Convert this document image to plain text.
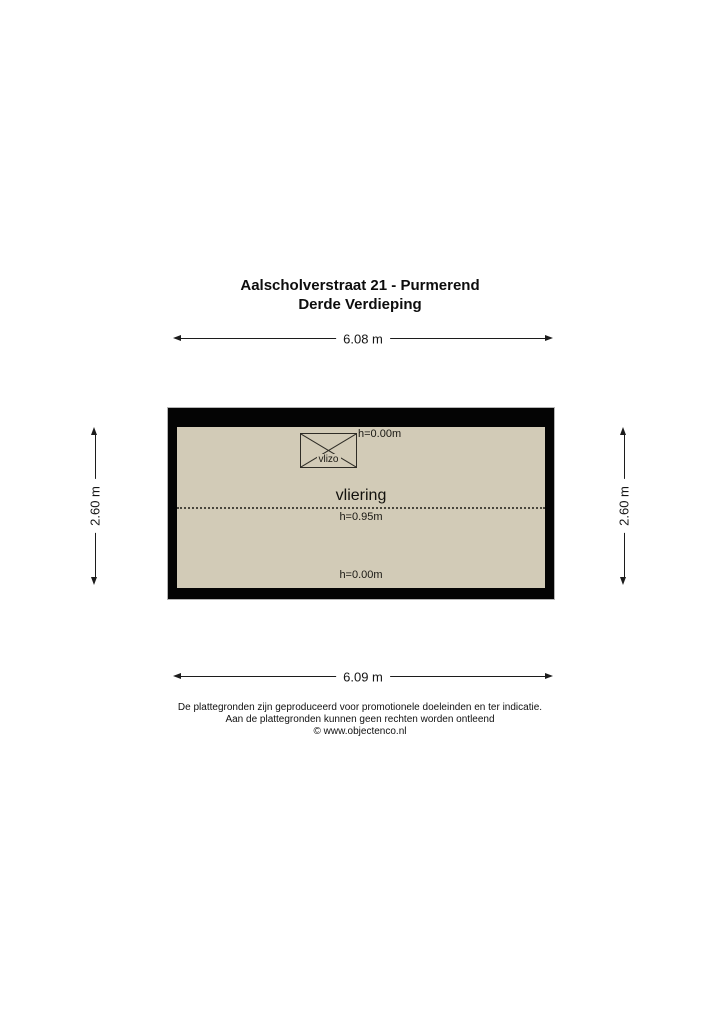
Aalscholverstraat 21 - Purmerend
Derde Verdieping
6.08 m
2.60 m	2.60 m
vlizo
h=0.00m
vliering
h=0.95m
h=0.00m
6.09 m
De plattegronden zijn geproduceerd voor promotionele doeleinden en ter indicatie.
Aan de plattegronden kunnen geen rechten worden ontleend
© www.objectenco.nl
